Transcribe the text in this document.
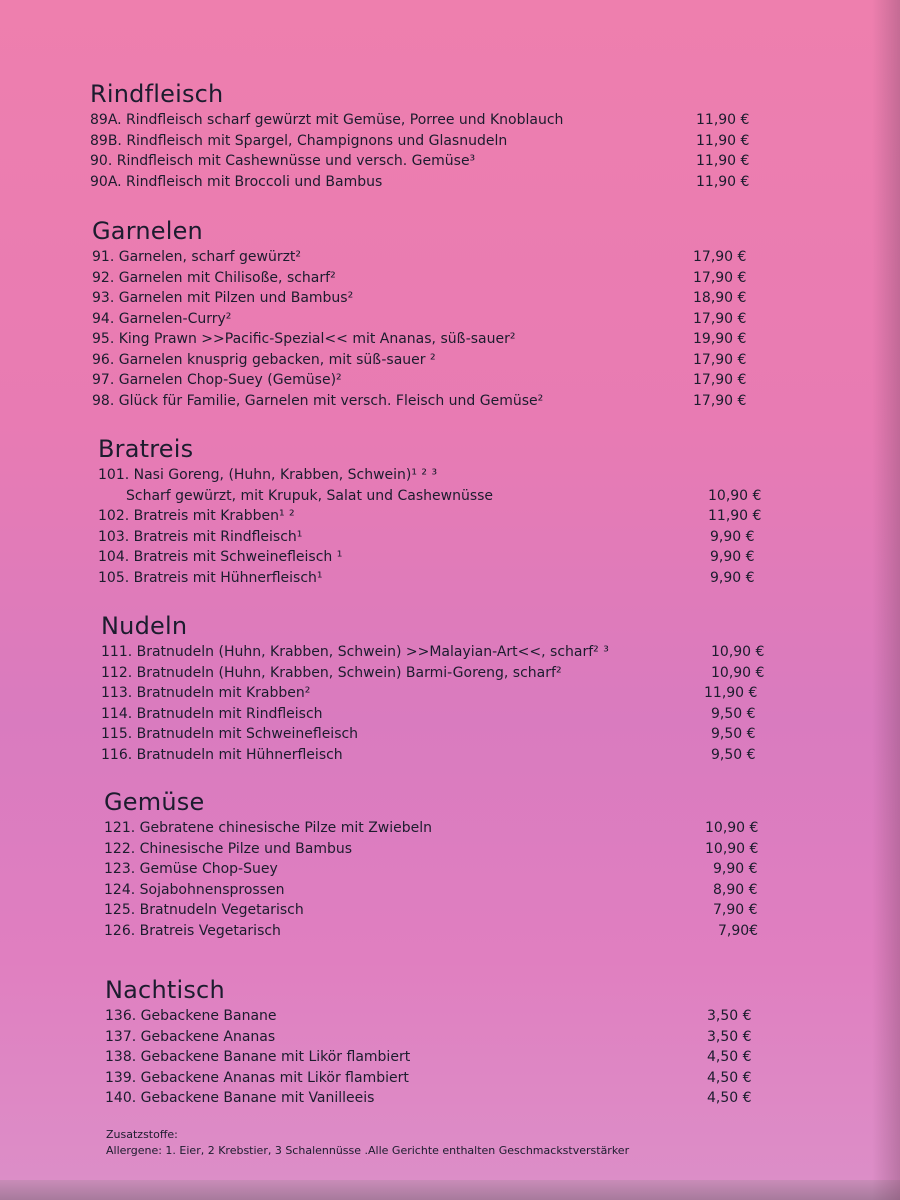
Rindfleisch
89A. Rindfleisch scharf gewürzt mit Gemüse, Porree und Knoblauch	11,90 €
89B. Rindfleisch mit Spargel, Champignons und Glasnudeln	11,90 €
90. Rindfleisch mit Cashewnüsse und versch. Gemüse³	11,90 €
90A. Rindfleisch mit Broccoli und Bambus	11,90 €
Garnelen
91. Garnelen, scharf gewürzt²	17,90 €
92. Garnelen mit Chilisoße, scharf²	17,90 €
93. Garnelen mit Pilzen und Bambus²	18,90 €
94. Garnelen-Curry²	17,90 €
95. King Prawn >>Pacific-Spezial<< mit Ananas, süß-sauer²	19,90 €
96. Garnelen knusprig gebacken, mit süß-sauer ²	17,90 €
97. Garnelen Chop-Suey (Gemüse)²	17,90 €
98. Glück für Familie, Garnelen mit versch. Fleisch und Gemüse²	17,90 €
Bratreis
101. Nasi Goreng, (Huhn, Krabben, Schwein)¹ ² ³
Scharf gewürzt, mit Krupuk, Salat und Cashewnüsse	10,90 €
102. Bratreis mit Krabben¹ ²	11,90 €
103. Bratreis mit Rindfleisch¹	9,90 €
104. Bratreis mit Schweinefleisch ¹	9,90 €
105. Bratreis mit Hühnerfleisch¹	9,90 €
Nudeln
111. Bratnudeln (Huhn, Krabben, Schwein) >>Malayian-Art<<, scharf² ³	10,90 €
112. Bratnudeln (Huhn, Krabben, Schwein) Barmi-Goreng, scharf²	10,90 €
113. Bratnudeln mit Krabben²	11,90 €
114. Bratnudeln mit Rindfleisch	9,50 €
115. Bratnudeln mit Schweinefleisch	9,50 €
116. Bratnudeln mit Hühnerfleisch	9,50 €
Gemüse
121. Gebratene chinesische Pilze mit Zwiebeln	10,90 €
122. Chinesische Pilze und Bambus	10,90 €
123. Gemüse Chop-Suey	9,90 €
124. Sojabohnensprossen	8,90 €
125. Bratnudeln Vegetarisch	7,90 €
126. Bratreis Vegetarisch	7,90€
Nachtisch
136. Gebackene Banane	3,50 €
137. Gebackene Ananas	3,50 €
138. Gebackene Banane mit Likör flambiert	4,50 €
139. Gebackene Ananas mit Likör flambiert	4,50 €
140. Gebackene Banane mit Vanilleeis	4,50 €
Zusatzstoffe:
Allergene: 1. Eier, 2 Krebstier, 3 Schalennüsse .Alle Gerichte enthalten Geschmackstverstärker
